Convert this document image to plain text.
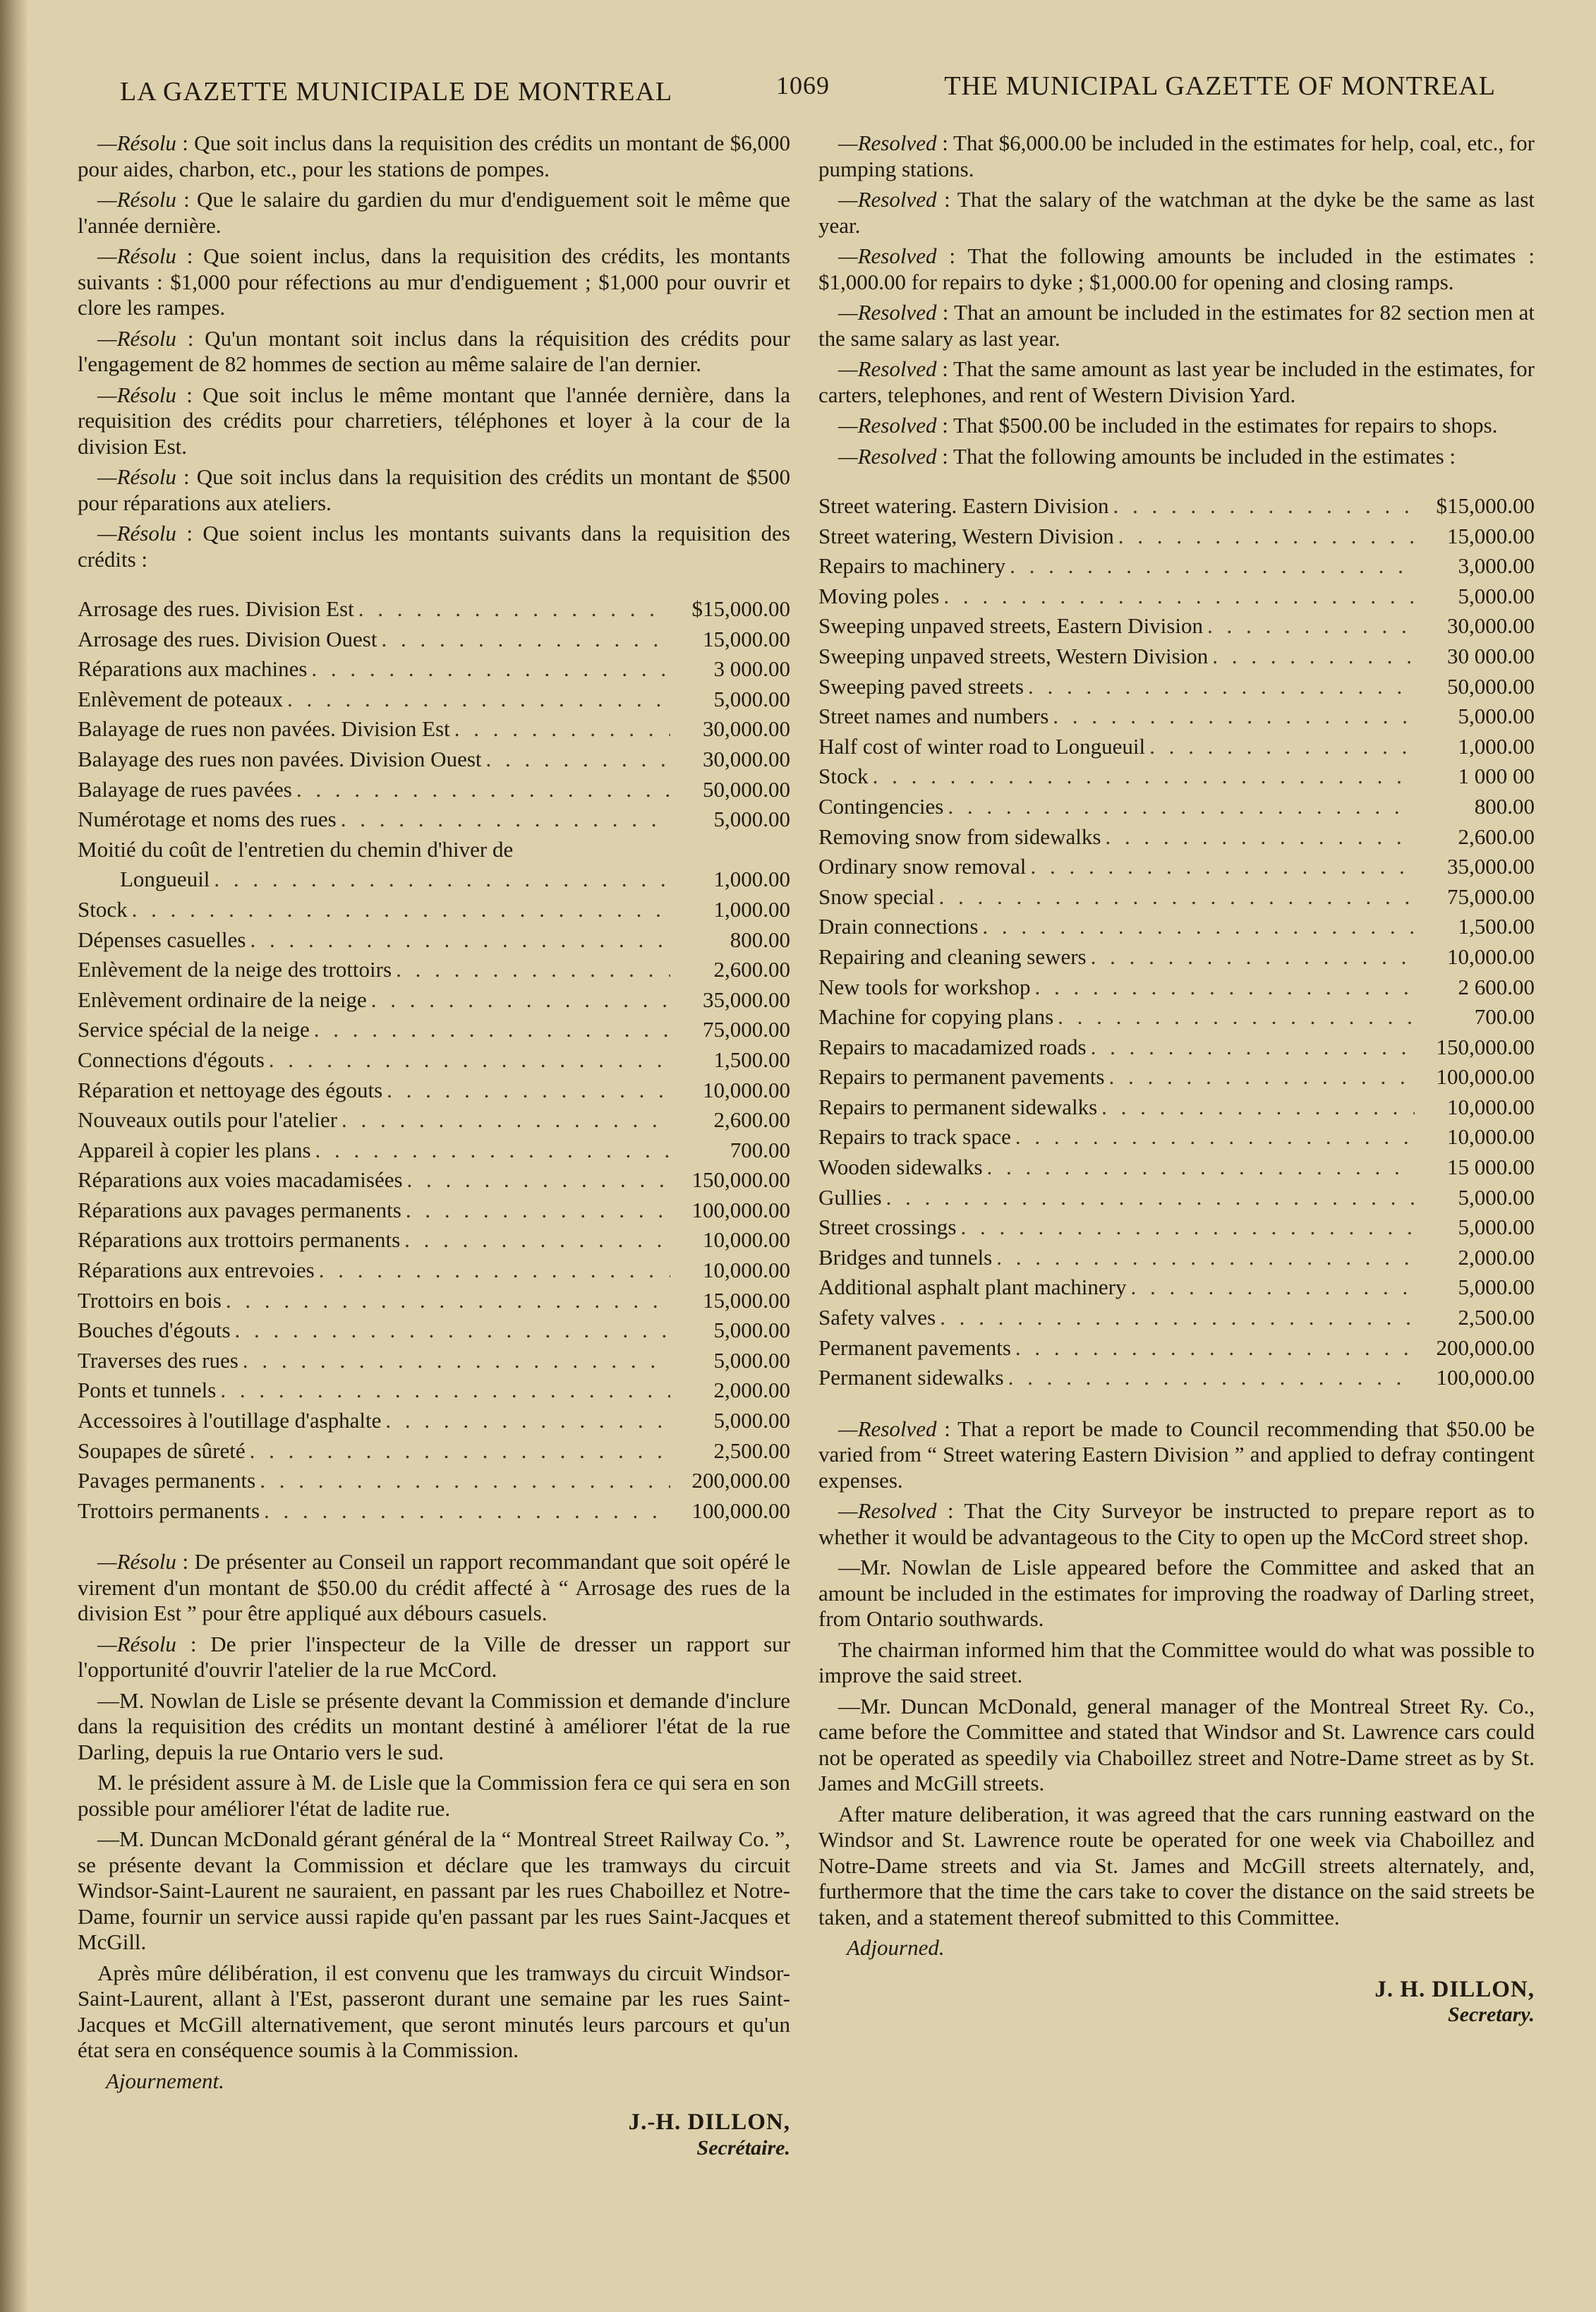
LA GAZETTE MUNICIPALE DE MONTREAL	1069	THE MUNICIPAL GAZETTE OF MONTREAL

—Résolu : Que soit inclus dans la requisition des crédits un montant de $6,000 pour aides, charbon, etc., pour les stations de pompes.

—Résolu : Que le salaire du gardien du mur d'endiguement soit le même que l'année dernière.

—Résolu : Que soient inclus, dans la requisition des crédits, les montants suivants : $1,000 pour réfections au mur d'endiguement ; $1,000 pour ouvrir et clore les rampes.

—Résolu : Qu'un montant soit inclus dans la réquisition des crédits pour l'engagement de 82 hommes de section au même salaire de l'an dernier.

—Résolu : Que soit inclus le même montant que l'année dernière, dans la requisition des crédits pour charretiers, téléphones et loyer à la cour de la division Est.

—Résolu : Que soit inclus dans la requisition des crédits un montant de $500 pour réparations aux ateliers.

—Résolu : Que soient inclus les montants suivants dans la requisition des crédits :

Arrosage des rues. Division Est . . .	$15,000.00
Arrosage des rues. Division Ouest . . .	15,000.00
Réparations aux machines . . .	3 000.00
Enlèvement de poteaux . . .	5,000.00
Balayage de rues non pavées. Division Est . . .	30,000.00
Balayage des rues non pavées. Division Ouest . . .	30,000.00
Balayage de rues pavées . . .	50,000.00
Numérotage et noms des rues . . .	5,000.00
Moitié du coût de l'entretien du chemin d'hiver de
Longueuil . . .	1,000.00
Stock . . .	1,000.00
Dépenses casuelles . . .	800.00
Enlèvement de la neige des trottoirs . . .	2,600.00
Enlèvement ordinaire de la neige . . .	35,000.00
Service spécial de la neige . . .	75,000.00
Connections d'égouts . . .	1,500.00
Réparation et nettoyage des égouts . . .	10,000.00
Nouveaux outils pour l'atelier . . .	2,600.00
Appareil à copier les plans . . .	700.00
Réparations aux voies macadamisées . . .	150,000.00
Réparations aux pavages permanents . . .	100,000.00
Réparations aux trottoirs permanents . . .	10,000.00
Réparations aux entrevoies . . .	10,000.00
Trottoirs en bois . . .	15,000.00
Bouches d'égouts . . .	5,000.00
Traverses des rues . . .	5,000.00
Ponts et tunnels . . .	2,000.00
Accessoires à l'outillage d'asphalte . . .	5,000.00
Soupapes de sûreté . . .	2,500.00
Pavages permanents . . .	200,000.00
Trottoirs permanents . . .	100,000.00

—Résolu : De présenter au Conseil un rapport recommandant que soit opéré le virement d'un montant de $50.00 du crédit affecté à “ Arrosage des rues de la division Est ” pour être appliqué aux débours casuels.

—Résolu : De prier l'inspecteur de la Ville de dresser un rapport sur l'opportunité d'ouvrir l'atelier de la rue McCord.

—M. Nowlan de Lisle se présente devant la Commission et demande d'inclure dans la requisition des crédits un montant destiné à améliorer l'état de la rue Darling, depuis la rue Ontario vers le sud.

M. le président assure à M. de Lisle que la Commission fera ce qui sera en son possible pour améliorer l'état de ladite rue.

—M. Duncan McDonald gérant général de la “ Montreal Street Railway Co. ”, se présente devant la Commission et déclare que les tramways du circuit Windsor-Saint-Laurent ne sauraient, en passant par les rues Chaboillez et Notre-Dame, fournir un service aussi rapide qu'en passant par les rues Saint-Jacques et McGill.

Après mûre délibération, il est convenu que les tramways du circuit Windsor-Saint-Laurent, allant à l'Est, passeront durant une semaine par les rues Saint-Jacques et McGill alternativement, que seront minutés leurs parcours et qu'un état sera en conséquence soumis à la Commission.

Ajournement.
J.-H. DILLON,
Secrétaire.

—Resolved : That $6,000.00 be included in the estimates for help, coal, etc., for pumping stations.

—Resolved : That the salary of the watchman at the dyke be the same as last year.

—Resolved : That the following amounts be included in the estimates : $1,000.00 for repairs to dyke ; $1,000.00 for opening and closing ramps.

—Resolved : That an amount be included in the estimates for 82 section men at the same salary as last year.

—Resolved : That the same amount as last year be included in the estimates, for carters, telephones, and rent of Western Division Yard.

—Resolved : That $500.00 be included in the estimates for repairs to shops.

—Resolved : That the following amounts be included in the estimates :

Street watering. Eastern Division . . .	$15,000.00
Street watering, Western Division . . .	15,000.00
Repairs to machinery . . .	3,000.00
Moving poles . . .	5,000.00
Sweeping unpaved streets, Eastern Division . . .	30,000.00
Sweeping unpaved streets, Western Division . . .	30 000.00
Sweeping paved streets . . .	50,000.00
Street names and numbers . . .	5,000.00
Half cost of winter road to Longueuil . . .	1,000.00
Stock . . .	1 000 00
Contingencies . . .	800.00
Removing snow from sidewalks . . .	2,600.00
Ordinary snow removal . . .	35,000.00
Snow special . . .	75,000.00
Drain connections . . .	1,500.00
Repairing and cleaning sewers . . .	10,000.00
New tools for workshop . . .	2 600.00
Machine for copying plans . . .	700.00
Repairs to macadamized roads . . .	150,000.00
Repairs to permanent pavements . . .	100,000.00
Repairs to permanent sidewalks . . .	10,000.00
Repairs to track space . . .	10,000.00
Wooden sidewalks . . .	15 000.00
Gullies . . .	5,000.00
Street crossings . . .	5,000.00
Bridges and tunnels . . .	2,000.00
Additional asphalt plant machinery . . .	5,000.00
Safety valves . . .	2,500.00
Permanent pavements . . .	200,000.00
Permanent sidewalks . . .	100,000.00

—Resolved : That a report be made to Council recommending that $50.00 be varied from “ Street watering Eastern Division ” and applied to defray contingent expenses.

—Resolved : That the City Surveyor be instructed to prepare report as to whether it would be advantageous to the City to open up the McCord street shop.

—Mr. Nowlan de Lisle appeared before the Committee and asked that an amount be included in the estimates for improving the roadway of Darling street, from Ontario southwards.

The chairman informed him that the Committee would do what was possible to improve the said street.

—Mr. Duncan McDonald, general manager of the Montreal Street Ry. Co., came before the Committee and stated that Windsor and St. Lawrence cars could not be operated as speedily via Chaboillez street and Notre-Dame street as by St. James and McGill streets.

After mature deliberation, it was agreed that the cars running eastward on the Windsor and St. Lawrence route be operated for one week via Chaboillez and Notre-Dame streets and via St. James and McGill streets alternately, and, furthermore that the time the cars take to cover the distance on the said streets be taken, and a statement thereof submitted to this Committee.

Adjourned.
J. H. DILLON,
Secretary.
